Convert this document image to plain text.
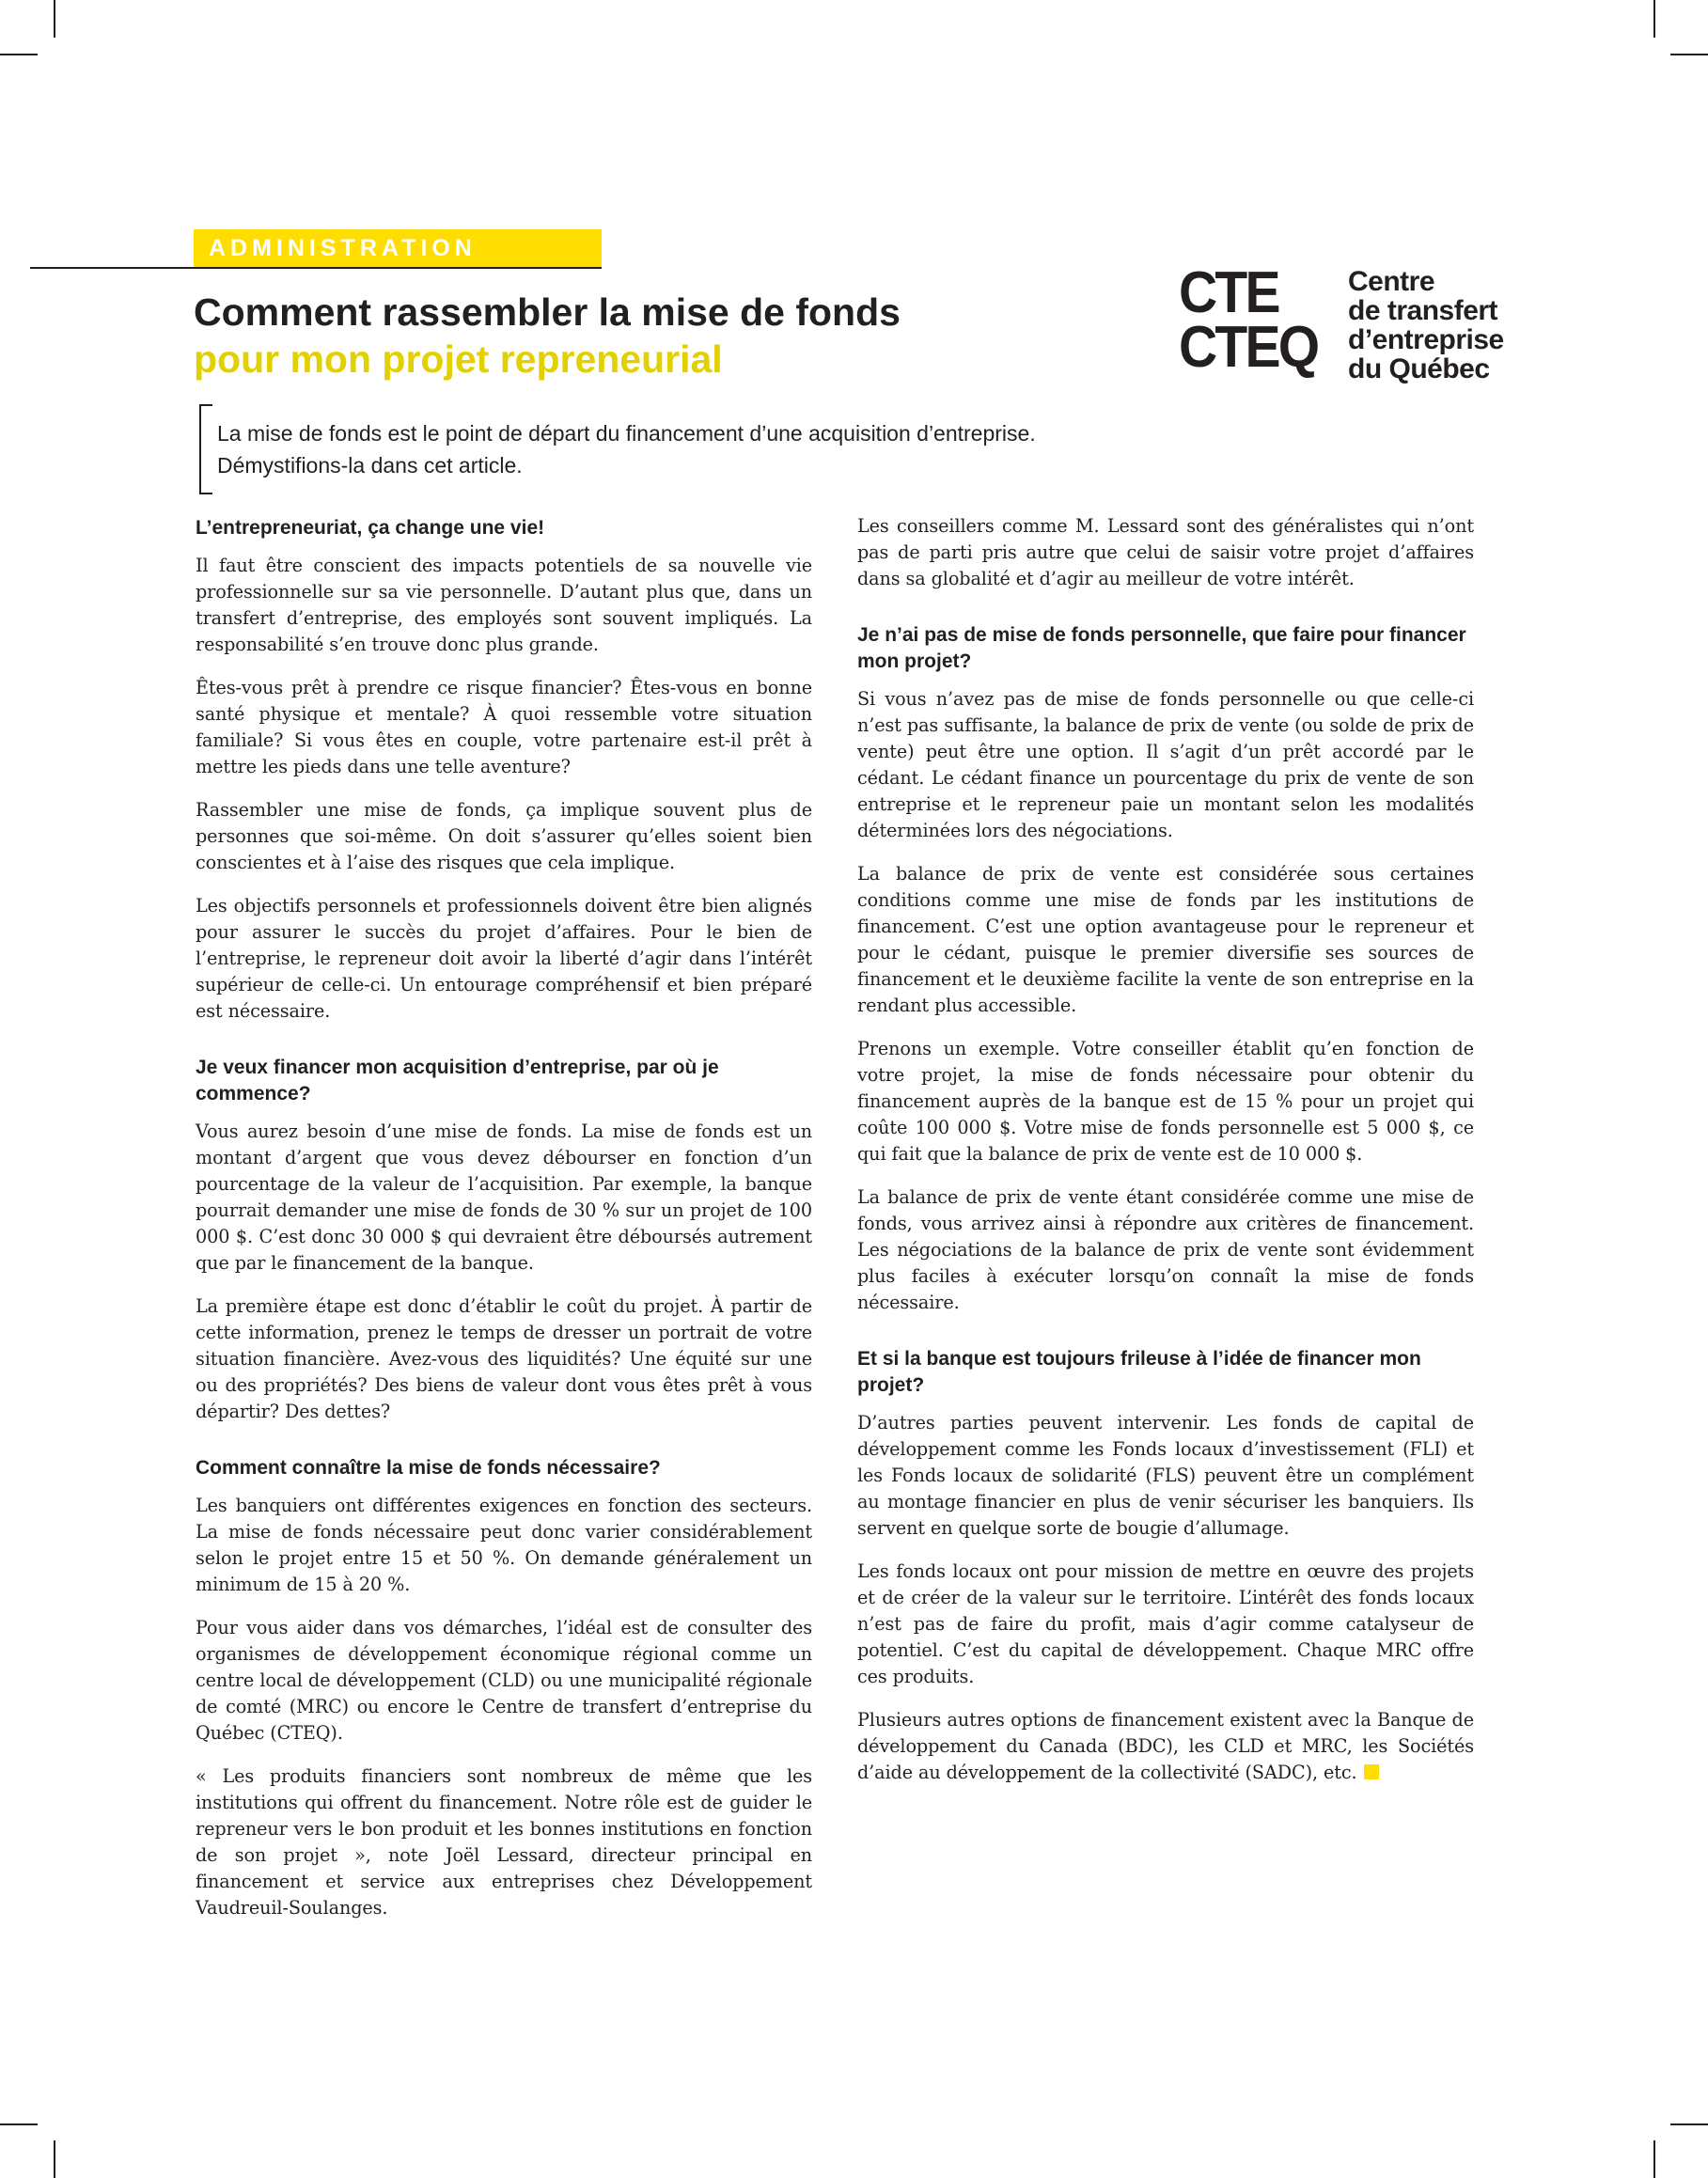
ADMINISTRATION
Comment rassembler la mise de fonds
pour mon projet repreneurial
CTE
CTEQ
Centre
de transfert
d’entreprise
du Québec
La mise de fonds est le point de départ du financement d’une acquisition d’entreprise.
Démystifions-la dans cet article.
L’entrepreneuriat, ça change une vie!

Il faut être conscient des impacts potentiels de sa nouvelle vie professionnelle sur sa vie personnelle. D’autant plus que, dans un transfert d’entreprise, des employés sont souvent impliqués. La responsabilité s’en trouve donc plus grande.

Êtes-vous prêt à prendre ce risque financier? Êtes-vous en bonne santé physique et mentale? À quoi ressemble votre situation familiale? Si vous êtes en couple, votre partenaire est-il prêt à mettre les pieds dans une telle aventure?

Rassembler une mise de fonds, ça implique souvent plus de personnes que soi-même. On doit s’assurer qu’elles soient bien conscientes et à l’aise des risques que cela implique.

Les objectifs personnels et professionnels doivent être bien alignés pour assurer le succès du projet d’affaires. Pour le bien de l’entreprise, le repreneur doit avoir la liberté d’agir dans l’intérêt supérieur de celle-ci. Un entourage compréhensif et bien préparé est nécessaire.

Je veux financer mon acquisition d’entreprise, par où je commence?

Vous aurez besoin d’une mise de fonds. La mise de fonds est un montant d’argent que vous devez débourser en fonction d’un pourcentage de la valeur de l’acquisition. Par exemple, la banque pourrait demander une mise de fonds de 30 % sur un projet de 100 000 $. C’est donc 30 000 $ qui devraient être déboursés autrement que par le financement de la banque.

La première étape est donc d’établir le coût du projet. À partir de cette information, prenez le temps de dresser un portrait de votre situation financière. Avez-vous des liquidités? Une équité sur une ou des propriétés? Des biens de valeur dont vous êtes prêt à vous départir? Des dettes?

Comment connaître la mise de fonds nécessaire?

Les banquiers ont différentes exigences en fonction des secteurs. La mise de fonds nécessaire peut donc varier considérablement selon le projet entre 15 et 50 %. On demande généralement un minimum de 15 à 20 %.

Pour vous aider dans vos démarches, l’idéal est de consulter des organismes de développement économique régional comme un centre local de développement (CLD) ou une municipalité régionale de comté (MRC) ou encore le Centre de transfert d’entreprise du Québec (CTEQ).

« Les produits financiers sont nombreux de même que les institutions qui offrent du financement. Notre rôle est de guider le repreneur vers le bon produit et les bonnes institutions en fonction de son projet », note Joël Lessard, directeur principal en financement et service aux entreprises chez Développement Vaudreuil-Soulanges.

Les conseillers comme M. Lessard sont des généralistes qui n’ont pas de parti pris autre que celui de saisir votre projet d’affaires dans sa globalité et d’agir au meilleur de votre intérêt.

Je n’ai pas de mise de fonds personnelle, que faire pour financer mon projet?

Si vous n’avez pas de mise de fonds personnelle ou que celle-ci n’est pas suffisante, la balance de prix de vente (ou solde de prix de vente) peut être une option. Il s’agit d’un prêt accordé par le cédant. Le cédant finance un pourcentage du prix de vente de son entreprise et le repreneur paie un montant selon les modalités déterminées lors des négociations.

La balance de prix de vente est considérée sous certaines conditions comme une mise de fonds par les institutions de financement. C’est une option avantageuse pour le repreneur et pour le cédant, puisque le premier diversifie ses sources de financement et le deuxième facilite la vente de son entreprise en la rendant plus accessible.

Prenons un exemple. Votre conseiller établit qu’en fonction de votre projet, la mise de fonds nécessaire pour obtenir du financement auprès de la banque est de 15 % pour un projet qui coûte 100 000 $. Votre mise de fonds personnelle est 5 000 $, ce qui fait que la balance de prix de vente est de 10 000 $.

La balance de prix de vente étant considérée comme une mise de fonds, vous arrivez ainsi à répondre aux critères de financement. Les négociations de la balance de prix de vente sont évidemment plus faciles à exécuter lorsqu’on connaît la mise de fonds nécessaire.

Et si la banque est toujours frileuse à l’idée de financer mon projet?

D’autres parties peuvent intervenir. Les fonds de capital de développement comme les Fonds locaux d’investissement (FLI) et les Fonds locaux de solidarité (FLS) peuvent être un complément au montage financier en plus de venir sécuriser les banquiers. Ils servent en quelque sorte de bougie d’allumage.

Les fonds locaux ont pour mission de mettre en œuvre des projets et de créer de la valeur sur le territoire. L’intérêt des fonds locaux n’est pas de faire du profit, mais d’agir comme catalyseur de potentiel. C’est du capital de développement. Chaque MRC offre ces produits.

Plusieurs autres options de financement existent avec la Banque de développement du Canada (BDC), les CLD et MRC, les Sociétés d’aide au développement de la collectivité (SADC), etc.
